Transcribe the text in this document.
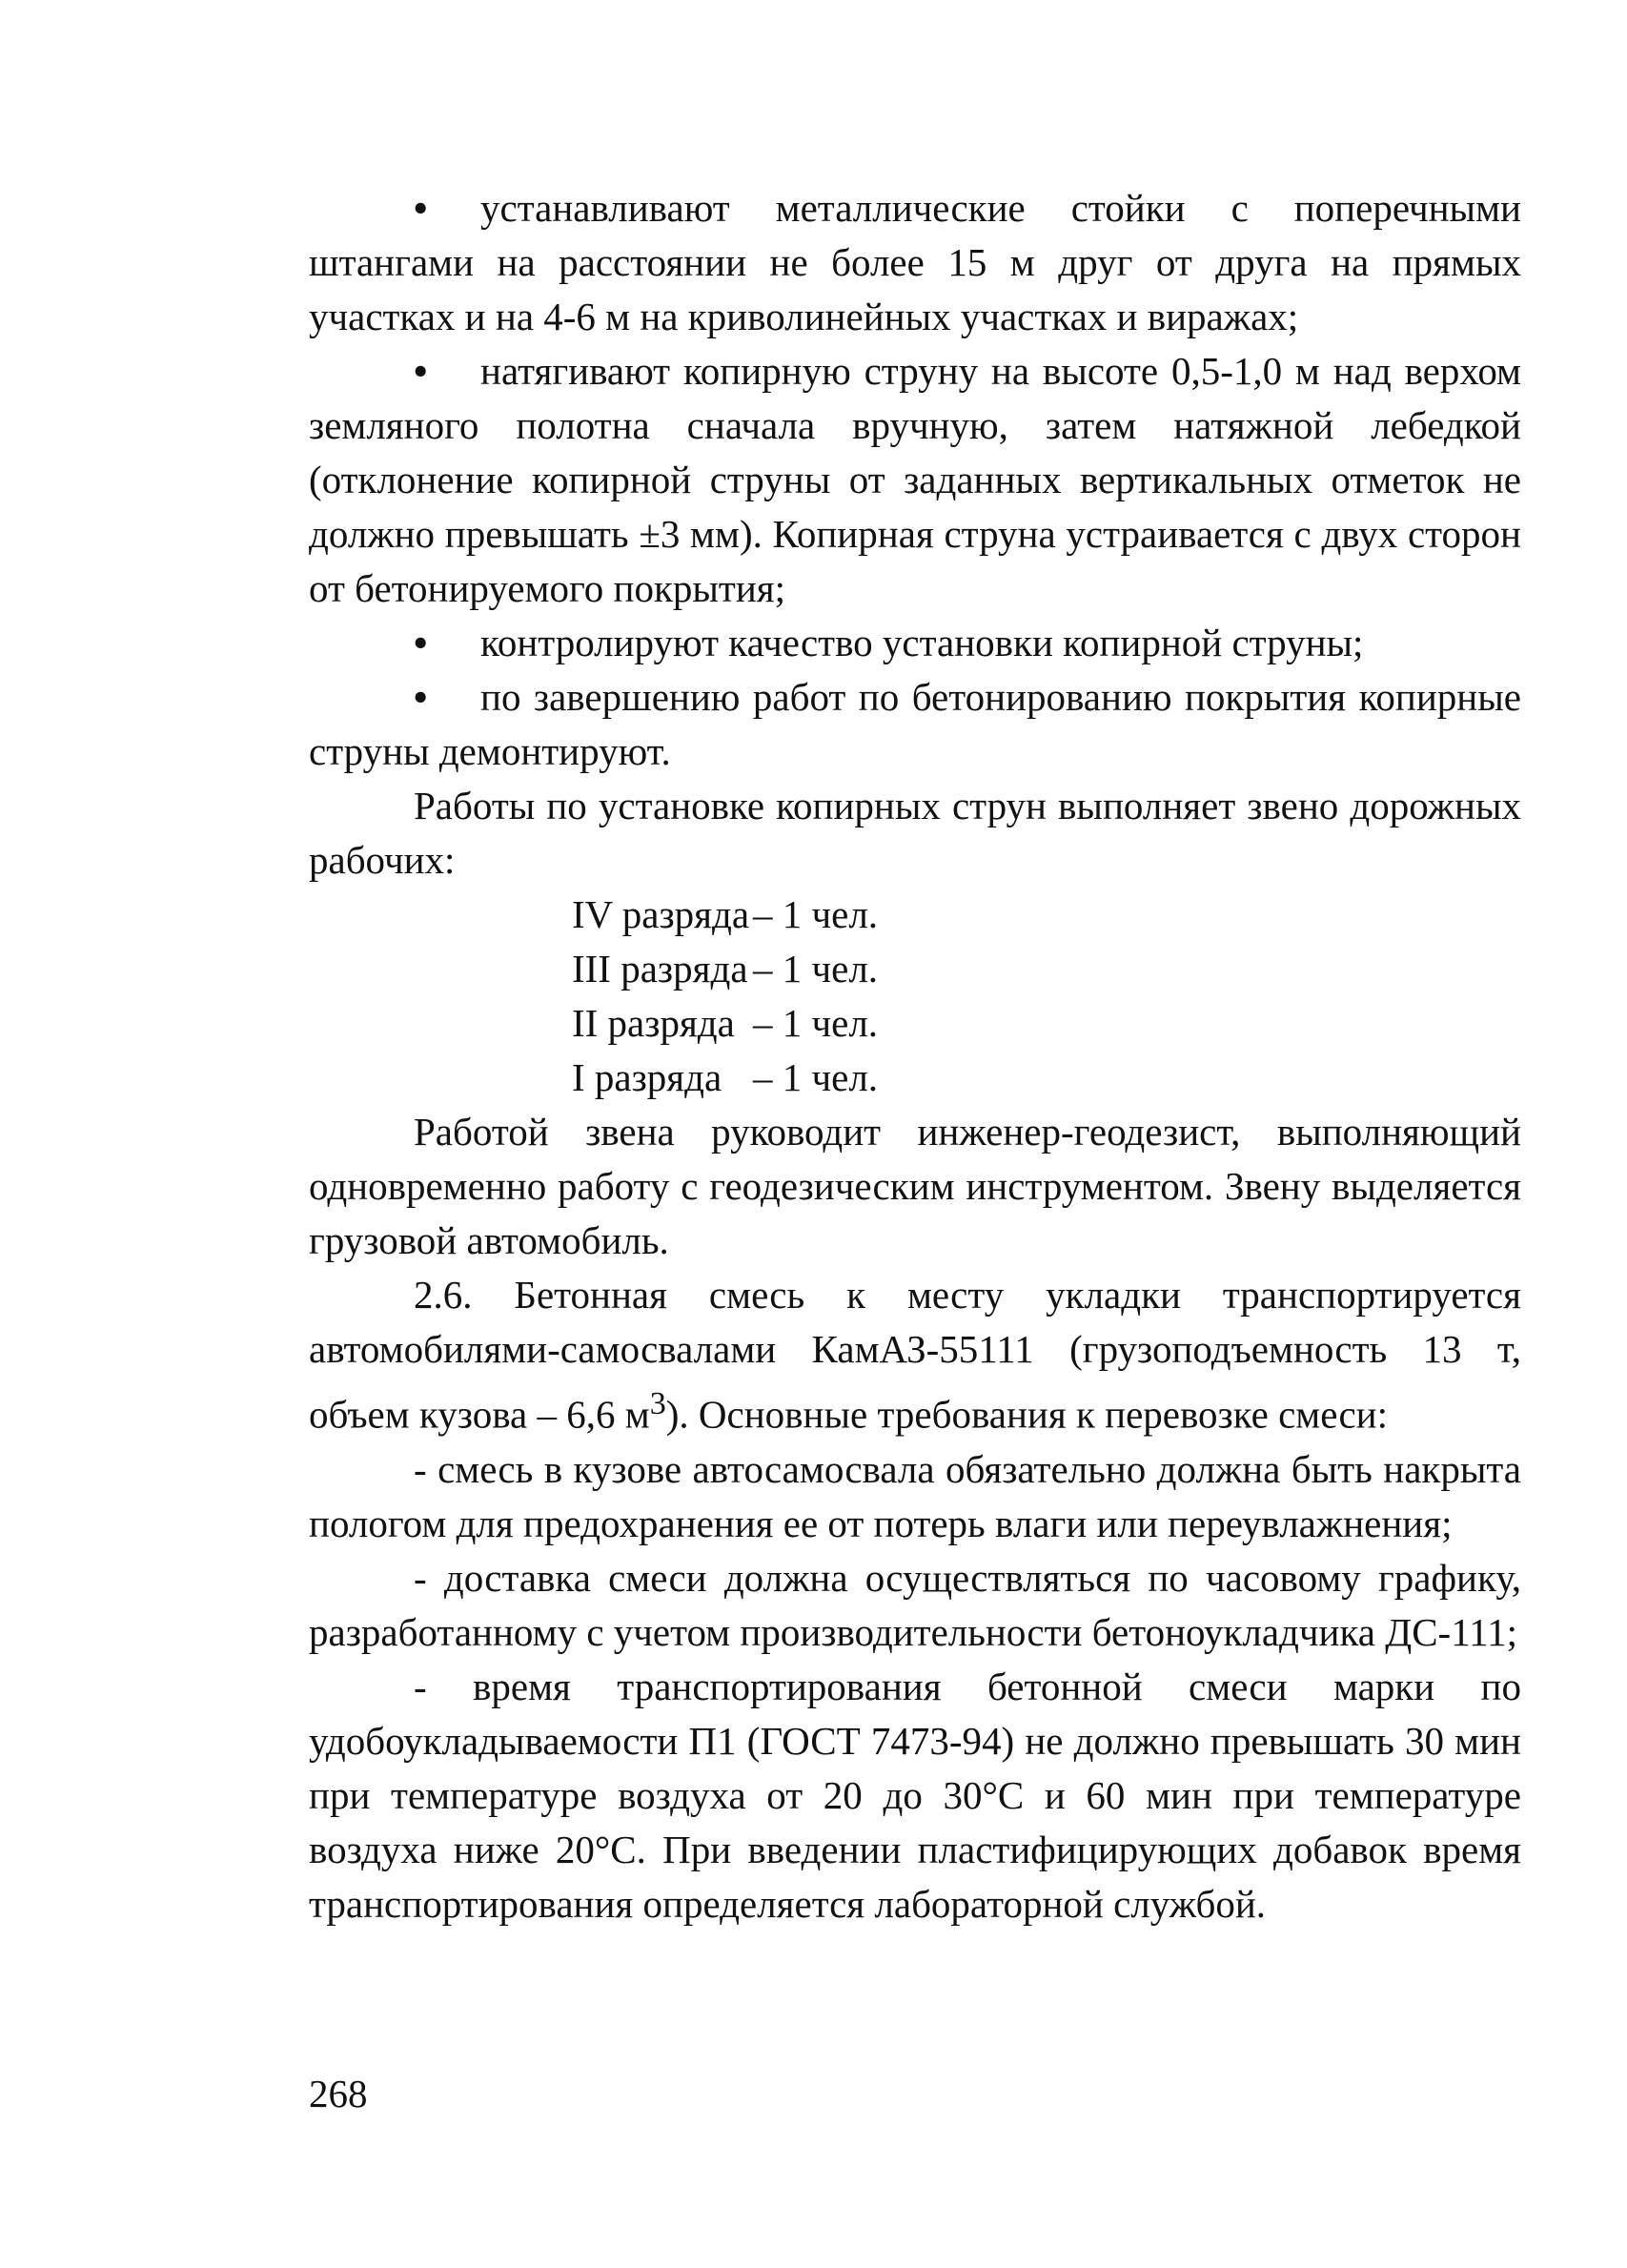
• устанавливают металлические стойки с поперечными штангами на расстоянии не более 15 м друг от друга на прямых участках и на 4-6 м на криволинейных участках и виражах;

• натягивают копирную струну на высоте 0,5-1,0 м над верхом земляного полотна сначала вручную, затем натяжной лебедкой (отклонение копирной струны от заданных вертикальных отметок не должно превышать ±3 мм). Копирная струна устраивается с двух сторон от бетонируемого покрытия;

• контролируют качество установки копирной струны;

• по завершению работ по бетонированию покрытия копирные струны демонтируют.

Работы по установке копирных струн выполняет звено дорожных рабочих:

IV разряда– 1 чел.
III разряда – 1 чел.
II разряда – 1 чел.
I разряда – 1 чел.

Работой звена руководит инженер-геодезист, выполняющий одновременно работу с геодезическим инструментом. Звену выделяется грузовой автомобиль.

2.6. Бетонная смесь к месту укладки транспортируется автомобилями-самосвалами КамАЗ-55111 (грузоподъемность 13 т, объем кузова – 6,6 $м^3$). Основные требования к перевозке смеси:

- смесь в кузове автосамосвала обязательно должна быть накрыта пологом для предохранения ее от потерь влаги или переувлажнения;

- доставка смеси должна осуществляться по часовому графику, разработанному с учетом производительности бетоноукладчика ДС-111;

- время транспортирования бетонной смеси марки по удобоукладываемости П1 (ГОСТ 7473-94) не должно превышать 30 мин при температуре воздуха от 20 до 30°С и 60 мин при температуре воздуха ниже 20°С. При введении пластифицирующих добавок время транспортирования определяется лабораторной службой.

268
